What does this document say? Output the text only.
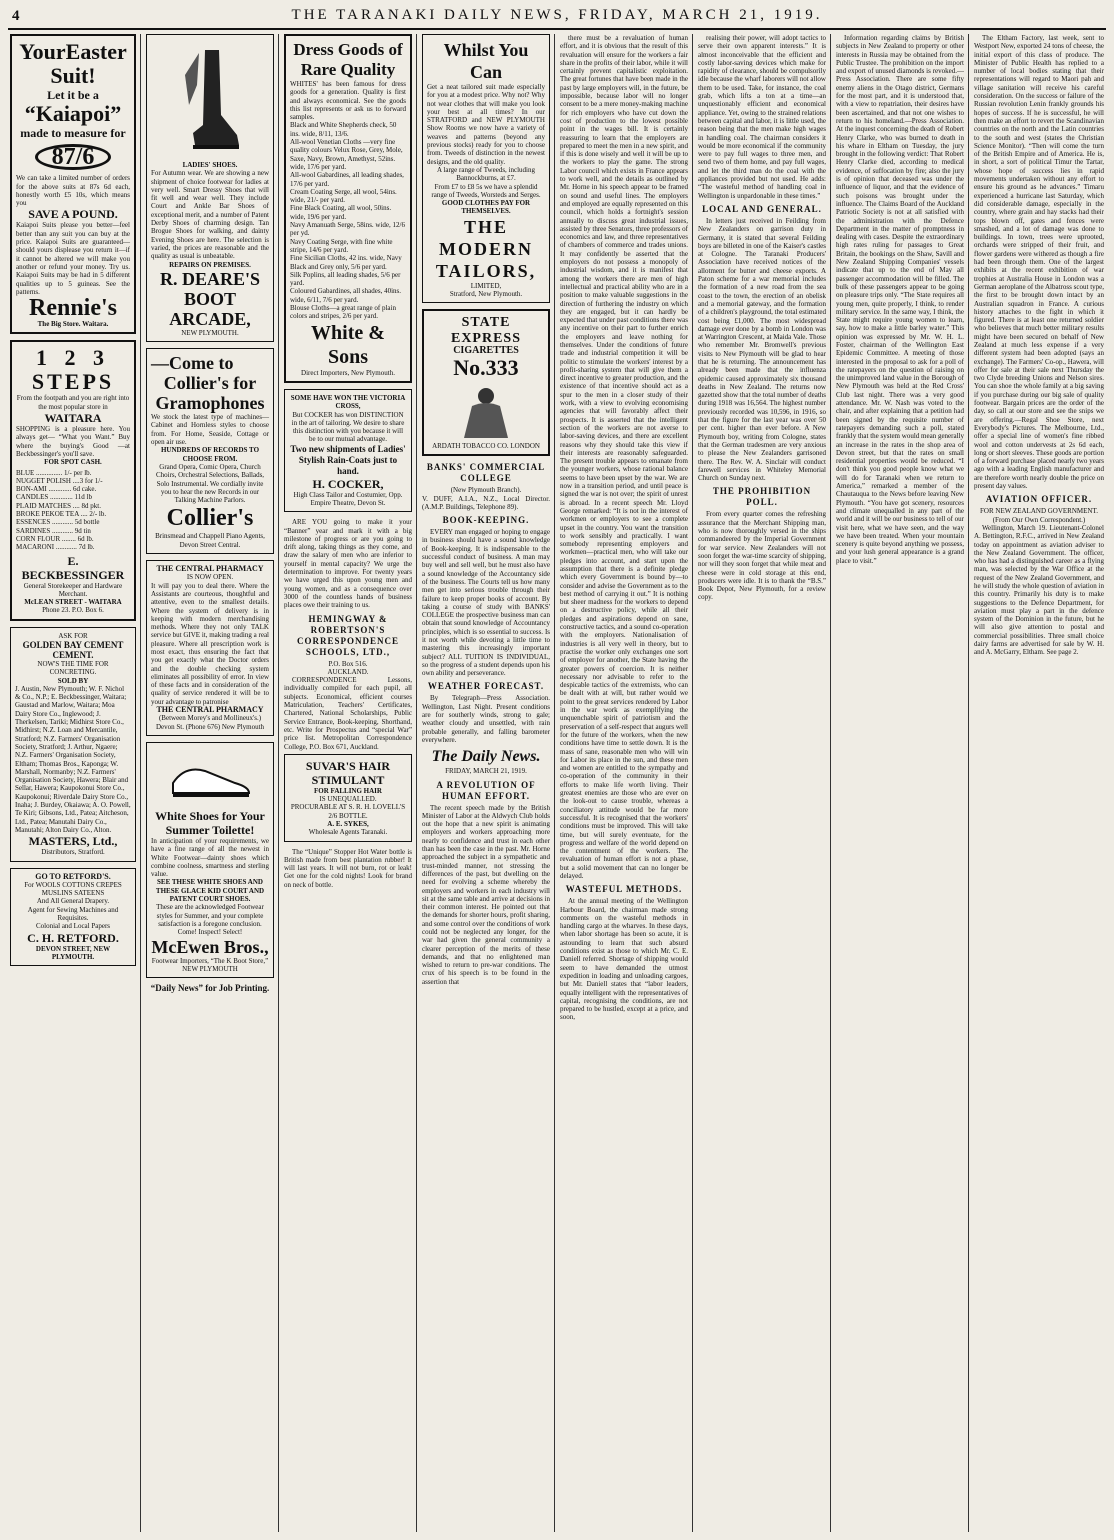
4	THE TARANAKI DAILY NEWS, FRIDAY, MARCH 21, 1919.
YourEaster Suit!
Let it be a
“Kaiapoi”
made to measure for
87/6
We can take a limited number of orders for the above suits at 87s 6d each, honestly worth £5 10s, which means you
SAVE A POUND.
Kaiapoi Suits please you better—feel better than any suit you can buy at the price. Kaiapoi Suits are guaranteed—should yours displease you return it—if it cannot be altered we will make you another or refund your money. Try us. Kaiapoi Suits may be had in 5 different qualities up to 5 guineas. See the patterns.
Rennie's
The Big Store. Waitara.
1 2 3
STEPS
From the footpath and you are right into the most popular store in
WAITARA
SHOPPING is a pleasure here. You always get— “What you Want.” Buy where the buying's Good —at Beckbessinger's you'll save.
FOR SPOT CASH.
BLUE ............... 1/- per lb.
NUGGET POLISH ....3 for 1/-
BON-AMI ............. 6d cake.
CANDLES ............. 11d lb
PLAID MATCHES .... 8d pkt.
BROKE PEKOE TEA .... 2/- lb.
ESSENCES ............ 5d bottle
SARDINES ............ 9d tin
CORN FLOUR ........ 6d lb.
MACARONI ............ 7d lb.
E. BECKBESSINGER
General Storekeeper and Hardware Merchant.
McLEAN STREET - WAITARA
Phone 23. P.O. Box 6.
ASK FOR
GOLDEN BAY CEMENT CEMENT.
NOW'S THE TIME FOR CONCRETING.
SOLD BY
J. Austin, New Plymouth; W. F. Nichol & Co., N.P.; E. Beckbessinger, Waitara; Gaustad and Marlow, Waitara; Moa Dairy Store Co., Inglewood; J. Therkelsen, Tariki; Midhirst Store Co., Midhirst; N.Z. Loan and Mercantile, Stratford; N.Z. Farmers' Organisation Society, Stratford; J. Arthur, Ngaere; N.Z. Farmers' Organisation Society, Eltham; Thomas Bros., Kaponga; W. Marshall, Normanby; N.Z. Farmers' Organisation Society, Hawera; Blair and Sellar, Hawera; Kaupokonui Store Co., Kaupokonui; Riverdale Dairy Store Co., Inaha; J. Burdey, Okaiawa; A. O. Powell, Te Kiri; Gibsons, Ltd., Patea; Aitcheson, Ltd., Patea; Manutahi Dairy Co., Manutahi; Alton Dairy Co., Alton.
MASTERS, Ltd.,
Distributors, Stratford.
GO TO RETFORD'S.
For WOOLS COTTONS CREPES MUSLINS SATEENS
And All General Drapery.
Agent for Sewing Machines and Requisites.
Colonial and Local Papers
C. H. RETFORD.
DEVON STREET, NEW PLYMOUTH.
LADIES' SHOES.
For Autumn wear. We are showing a new shipment of choice footwear for ladies at very well. Smart Dressy Shoes that will fit well and wear well. They include Court and Ankle Bar Shoes of exceptional merit, and a number of Patent Derby Shoes of charming design. Tan Brogue Shoes for walking, and dainty Evening Shoes are here. The selection is varied, the prices are reasonable and the quality as usual is unbeatable.
REPAIRS ON PREMISES.
R. DEARE'S BOOT ARCADE,
NEW PLYMOUTH.
—Come to
Collier's for Gramophones
We stock the latest type of machines—Cabinet and Hornless styles to choose from. For Home, Seaside, Cottage or open air use.
HUNDREDS OF RECORDS TO CHOOSE FROM.
Grand Opera, Comic Opera, Church Choirs, Orchestral Selections, Ballads, Solo Instrumental. We cordially invite you to hear the new Records in our Talking Machine Parlors.
Collier's
Brinsmead and Chappell Piano Agents, Devon Street Central.
THE CENTRAL PHARMACY
IS NOW OPEN.
It will pay you to deal there. Where the Assistants are courteous, thoughtful and attentive, even to the smallest details. Where the system of delivery is in keeping with modern merchandising methods. Where they not only TALK service but GIVE it, making trading a real pleasure. Where all prescription work is most exact, thus ensuring the fact that you get exactly what the Doctor orders and the double checking system eliminates all possibility of error. In view of these facts and in consideration of the quality of service rendered it will be to your advantage to patronise
THE CENTRAL PHARMACY
(Between Morey's and Mollineux's.) Devon St. (Phone 676) New Plymouth
White Shoes for Your Summer Toilette!
In anticipation of your requirements, we have a fine range of all the newest in White Footwear—dainty shoes which combine coolness, smartness and sterling value.
SEE THESE WHITE SHOES AND THESE GLACE KID COURT AND PATENT COURT SHOES.
These are the acknowledged Footwear styles for Summer, and your complete satisfaction is a foregone conclusion. Come! Inspect! Select!
McEwen Bros.,
Footwear Importers, “The K Boot Store,” NEW PLYMOUTH
“Daily News” for Job Printing.
Dress Goods of Rare Quality
WHITES' has been famous for dress goods for a generation. Quality is first and always economical. See the goods this list represents or ask us to forward samples.
Black and White Shepherds check, 50 ins. wide, 8/11, 13/6.
All-wool Venetian Cloths —very fine quality colours Velux Rose, Grey, Mole, Saxe, Navy, Brown, Amethyst, 52ins. wide, 17/6 per yard.
All-wool Gabardines, all leading shades, 17/6 per yard.
Cream Coating Serge, all wool, 54ins. wide, 21/- per yard.
Fine Black Coating, all wool, 50ins. wide, 19/6 per yard.
Navy Amanuath Serge, 58ins. wide, 12/6 per yd.
Navy Coating Serge, with fine white stripe, 14/6 per yard.
Fine Sicilian Cloths, 42 ins. wide, Navy Black and Grey only, 5/6 per yard.
Silk Poplins, all leading shades, 5/6 per yard.
Coloured Gabardines, all shades, 40ins. wide, 6/11, 7/6 per yard.
Blouse Cloths—a great range of plain colors and stripes, 2/6 per yard.
White & Sons
Direct Importers, New Plymouth.
SOME HAVE WON THE VICTORIA CROSS,
But COCKER has won DISTINCTION in the art of tailoring. We desire to share this distinction with you because it will be to our mutual advantage.
Two new shipments of Ladies' Stylish Rain-Coats just to hand.
H. COCKER,
High Class Tailor and Costumier, Opp. Empire Theatre, Devon St.

ARE YOU going to make it your “Banner” year and mark it with a big milestone of progress or are you going to drift along, taking things as they come, and draw the salary of men who are inferior to yourself in mental capacity? We urge the determination to improve. For twenty years we have urged this upon young men and young women, and as a consequence over 3000 of the countless hands of business places owe their training to us.

HEMINGWAY & ROBERTSON'S CORRESPONDENCE SCHOOLS, LTD.,
P.O. Box 516.
AUCKLAND.

CORRESPONDENCE Lessons, individually compiled for each pupil, all subjects. Economical, efficient courses Matriculation, Teachers' Certificates, Chartered, National Scholarships, Public Service Entrance, Book-keeping, Shorthand, etc. Write for Prospectus and “special War” price list. Metropolitan Correspondence College, P.O. Box 671, Auckland.

SUVAR'S HAIR STIMULANT
FOR FALLING HAIR
IS UNEQUALLED.
PROCURABLE AT S. R. H. LOVELL'S 2/6 BOTTLE.
A. E. SYKES,
Wholesale Agents Taranaki.

The “Unique” Stopper Hot Water bottle is British made from best plantation rubber! It will last years. It will not burn, rot or leak! Get one for the cold nights! Look for brand on neck of bottle.

Whilst You Can
Get a neat tailored suit made especially for you at a modest price. Why not? Why not wear clothes that will make you look your best at all times? In our STRATFORD and NEW PLYMOUTH Show Rooms we now have a variety of weaves and patterns (beyond any previous stocks) ready for you to choose from. Tweeds of distinction in the newest designs, and the old quality.
A large range of Tweeds, including Bannockburns, at £7.
From £7 to £8 5s we have a splendid range of Tweeds, Worsteds and Serges.
GOOD CLOTHES PAY FOR THEMSELVES.
THE MODERN TAILORS,
LIMITED,
Stratford, New Plymouth.
STATE EXPRESS
CIGARETTES
No.333
ARDATH TOBACCO CO. LONDON
BANKS' COMMERCIAL COLLEGE
(New Plymouth Branch).
V. DUFF, A.I.A., N.Z., Local Director. (A.M.P. Buildings, Telephone 89).
BOOK-KEEPING.

EVERY man engaged or hoping to engage in business should have a sound knowledge of Book-keeping. It is indispensable to the successful conduct of business. A man may buy well and sell well, but he must also have a sound knowledge of the Accountancy side of the business. The Courts tell us how many men get into serious trouble through their failure to keep proper books of account. By taking a course of study with BANKS' COLLEGE the prospective business man can obtain that sound knowledge of Accountancy principles, which is so essential to success. Is it not worth while devoting a little time to mastering this increasingly important subject? ALL TUITION IS INDIVIDUAL, so the progress of a student depends upon his own ability and perseverance.

WEATHER FORECAST.

By Telegraph—Press Association. Wellington, Last Night. Present conditions are for southerly winds, strong to gale; weather cloudy and unsettled, with rain probable generally, and falling barometer everywhere.

The Daily News.
FRIDAY, MARCH 21, 1919.
A REVOLUTION OF HUMAN EFFORT.

The recent speech made by the British Minister of Labor at the Aldwych Club holds out the hope that a new spirit is animating employers and workers approaching more nearly to confidence and trust in each other than has been the case in the past. Mr. Horne approached the subject in a sympathetic and trust-minded manner, not stressing the differences of the past, but dwelling on the need for evolving a scheme whereby the employers and workers in each industry will sit at the same table and arrive at decisions in their common interest. He pointed out that the demands for shorter hours, profit sharing, and some control over the conditions of work could not be neglected any longer, for the war had given the general community a clearer perception of the merits of these demands, and that no enlightened man wished to return to pre-war conditions. The crux of his speech is to be found in the assertion that

there must be a revaluation of human effort, and it is obvious that the result of this revaluation will ensure for the workers a fair share in the profits of their labor, while it will certainly prevent capitalistic exploitation. The great fortunes that have been made in the past by large employers will, in the future, be impossible, because labor will no longer consent to be a mere money-making machine for rich employers who have cut down the cost of production to the lowest possible point in the wages bill. It is certainly reassuring to learn that the employers are prepared to meet the men in a new spirit, and if this is done wisely and well it will be up to the workers to play the game. The strong Labor council which exists in France appears to work well, and the details as outlined by Mr. Horne in his speech appear to be framed on sound and useful lines. The employers and employed are equally represented on this council, which holds a fortnight's session annually to discuss great industrial issues, assisted by three Senators, three professors of economics and law, and three representatives of chambers of commerce and trades unions. It may confidently be asserted that the employers do not possess a monopoly of industrial wisdom, and it is manifest that among the workers there are men of high intellectual and practical ability who are in a position to make valuable suggestions in the direction of furthering the industry on which they are engaged, but it can hardly be expected that under past conditions there was any incentive on their part to further enrich the employers and leave nothing for themselves. Under the conditions of future trade and industrial competition it will be politic to stimulate the workers' interest by a profit-sharing system that will give them a direct incentive to greater production, and the existence of that incentive should act as a spur to the men in a closer study of their work, with a view to evolving economising agencies that will favorably affect their prospects. It is asserted that the intelligent section of the workers are not averse to labor-saving devices, and there are excellent reasons why they should take this view if their interests are reasonably safeguarded. The present trouble appears to emanate from the younger workers, whose rational balance seems to have been upset by the war. We are now in a transition period, and until peace is signed the war is not over; the spirit of unrest is abroad. In a recent speech Mr. Lloyd George remarked: “It is not in the interest of workmen or employers to see a complete upset in the country. You want the transition to work sensibly and practically. I want somebody representing employers and workmen—practical men, who will take our pledges into account, and start upon the assumption that there is a definite pledge which every Government is bound by—to consider and advise the Government as to the best method of carrying it out.” It is nothing but sheer madness for the workers to depend on a destructive policy, while all their pledges and aspirations depend on sane, constructive tactics, and a sound co-operation with the employers. Nationalisation of industries is all very well in theory, but to practise the worker only exchanges one sort of employer for another, the State having the greater powers of coercion. It is neither necessary nor advisable to refer to the despicable tactics of the extremists, who can be dealt with at will, but rather would we point to the great services rendered by Labor in the war work as exemplifying the unquenchable spirit of patriotism and the preservation of a self-respect that augurs well for the future of the workers, when the new conditions have time to settle down. It is the mass of sane, reasonable men who will win for Labor its place in the sun, and these men and women are entitled to the sympathy and co-operation of the community in their efforts to make life worth living. Their greatest enemies are those who are ever on the look-out to cause trouble, whereas a conciliatory attitude would be far more successful. It is recognised that the workers' conditions must be improved. This will take time, but will surely eventuate, for the progress and welfare of the world depend on the contentment of the workers. The revaluation of human effort is not a phase, but a solid movement that can no longer be delayed.

WASTEFUL METHODS.

At the annual meeting of the Wellington Harbour Board, the chairman made strong comments on the wasteful methods in handling cargo at the wharves. In these days, when labor shortage has been so acute, it is astounding to learn that such absurd conditions exist as those to which Mr. C. E. Daniell referred. Shortage of shipping would seem to have demanded the utmost expedition in loading and unloading cargoes, but Mr. Daniell states that “labor leaders, equally intelligent with the representatives of capital, recognising the conditions, are not prepared to be hustled, except at a price, and soon,

realising their power, will adopt tactics to serve their own apparent interests.” It is almost inconceivable that the efficient and costly labor-saving devices which make for rapidity of clearance, should be compulsorily idle because the wharf laborers will not allow them to be used. Take, for instance, the coal grab, which lifts a ton at a time—an unquestionably efficient and economical appliance. Yet, owing to the strained relations between capital and labor, it is little used, the reason being that the men make high wages in handling coal. The chairman considers it would be more economical if the community were to pay full wages to three men, and send two of them home, and pay full wages, and let the third man do the coal with the appliances provided but not used. He adds: “The wasteful method of handling coal in Wellington is unpardonable in these times.”

LOCAL AND GENERAL.

In letters just received in Feilding from New Zealanders on garrison duty in Germany, it is stated that several Feilding boys are billeted in one of the Kaiser's castles at Cologne. The Taranaki Producers' Association have received notices of the allotment for butter and cheese exports. A Paton scheme for a war memorial includes the formation of a new road from the sea coast to the town, the erection of an obelisk and a memorial gateway, and the formation of a children's playground, the total estimated cost being £1,000. The most widespread damage ever done by a bomb in London was at Warrington Crescent, at Maida Vale. Those who remember Mr. Bromwell's previous visits to New Plymouth will be glad to hear that he is returning. The announcement has already been made that the influenza epidemic caused approximately six thousand deaths in New Zealand. The returns now gazetted show that the total number of deaths during 1918 was 16,564. The highest number previously recorded was 10,596, in 1916, so that the figure for the last year was over 50 per cent. higher than ever before. A New Plymouth boy, writing from Cologne, states that the German tradesmen are very anxious to please the New Zealanders garrisoned there. The Rev. W. A. Sinclair will conduct farewell services in Whiteley Memorial Church on Sunday next.

THE PROHIBITION POLL.

From every quarter comes the refreshing assurance that the Merchant Shipping man, who is now thoroughly versed in the ships commandeered by the Imperial Government for war service. New Zealanders will not soon forget the war-time scarcity of shipping, nor will they soon forget that while meat and cheese were in cold storage at this end, producers were idle. It is to thank the “B.S.” Book Depot, New Plymouth, for a review copy.

Information regarding claims by British subjects in New Zealand to property or other interests in Russia may be obtained from the Public Trustee. The prohibition on the import and export of unused diamonds is revoked.—Press Association. There are some fifty enemy aliens in the Otago district, Germans for the most part, and it is understood that, with a view to repatriation, their desires have been ascertained, and that not one wishes to return to his homeland.—Press Association. At the inquest concerning the death of Robert Henry Clarke, who was burned to death in his whare in Eltham on Tuesday, the jury brought in the following verdict: That Robert Henry Clarke died, according to medical evidence, of suffocation by fire; also the jury is of opinion that deceased was under the influence of liquor, and that the evidence of such poisons was brought under the influence. The Claims Board of the Auckland Patriotic Society is not at all satisfied with the administration with the Defence Department in the matter of promptness in dealing with cases. Despite the extraordinary high rates ruling for passages to Great Britain, the bookings on the Shaw, Savill and New Zealand Shipping Companies' vessels indicate that up to the end of May all passenger accommodation will be filled. The bulk of these passengers appear to be going on pleasure trips only. “The State requires all young men, quite properly, I think, to render military service. In the same way, I think, the State might require young women to learn, say, how to make a little barley water.” This opinion was expressed by Mr. W. H. L. Foster, chairman of the Wellington East Epidemic Committee. A meeting of those interested in the proposal to ask for a poll of the ratepayers on the question of raising on the unimproved land value in the Borough of New Plymouth was held at the Red Cross' Club last night. There was a very good attendance. Mr. W. Nash was voted to the chair, and after explaining that a petition had been signed by the requisite number of ratepayers demanding such a poll, stated frankly that the system would mean generally an increase in the rates in the shop area of Devon street, but that the rates on small residential properties would be reduced. “I don't think you good people know what we will do for Taranaki when we return to America,” remarked a member of the Chautauqua to the News before leaving New Plymouth. “You have got scenery, resources and climate unequalled in any part of the world and it will be our business to tell of our visit here, what we have seen, and the way we have been treated. When your mountain scenery is quite beyond anything we possess, and your lush general appearance is a grand place to visit.”

The Eltham Factory, last week, sent to Westport New, exported 24 tons of cheese, the initial export of this class of produce. The Minister of Public Health has replied to a number of local bodies stating that their representations will regard to Maori pah and village sanitation will receive his careful consideration. On the success or failure of the Russian revolution Lenin frankly grounds his hopes of success. If he is successful, he will then make an effort to revert the Scandinavian countries on the north and the Latin countries to the south and west (states the Christian Science Monitor). “Then will come the turn of the British Empire and of America. He is, in short, a sort of political Timur the Tartar, whose hope of success lies in rapid movements undertaken without any effort to ensure his ground as he advances.” Timaru experienced a hurricane last Saturday, which did considerable damage, especially in the country, where grain and hay stacks had their tops blown off, gates and fences were smashed, and a lot of damage was done to buildings. In town, trees were uprooted, orchards were stripped of their fruit, and flower gardens were withered as though a fire had been through them. One of the largest exhibits at the recent exhibition of war trophies at Australia House in London was a German aeroplane of the Albatross scout type, the first to be brought down intact by an Australian squadron in France. A curious history attaches to the fight in which it figured. There is at least one returned soldier who believes that much better military results might have been secured on behalf of New Zealand at much less expense if a very different system had been adopted (says an exchange). The Farmers' Co-op., Hawera, will offer for sale at their sale next Thursday the two Clyde breeding Unions and Nelson sires. You can shoe the whole family at a big saving if you purchase during our big sale of quality footwear. Bargain prices are the order of the day, so call at our store and see the snips we are offering.—Regal Shoe Store, next Everybody's Pictures. The Melbourne, Ltd., offer a special line of women's fine ribbed wool and cotton undervests at 2s 6d each, long or short sleeves. These goods are portion of a forward purchase placed nearly two years ago with a leading English manufacturer and are therefore worth nearly double the price on present day values.

AVIATION OFFICER.
FOR NEW ZEALAND GOVERNMENT.
(From Our Own Correspondent.)

Wellington, March 19. Lieutenant-Colonel A. Bettington, R.F.C., arrived in New Zealand today on appointment as aviation adviser to the New Zealand Government. The officer, who has had a distinguished career as a flying man, was selected by the War Office at the request of the New Zealand Government, and he will study the whole question of aviation in this country. Primarily his duty is to make suggestions to the Defence Department, for aviation must play a part in the defence system of the Dominion in the future, but he will also give attention to postal and commercial possibilities. Three small choice dairy farms are advertised for sale by W. H. and A. McGarry, Eltham. See page 2.
